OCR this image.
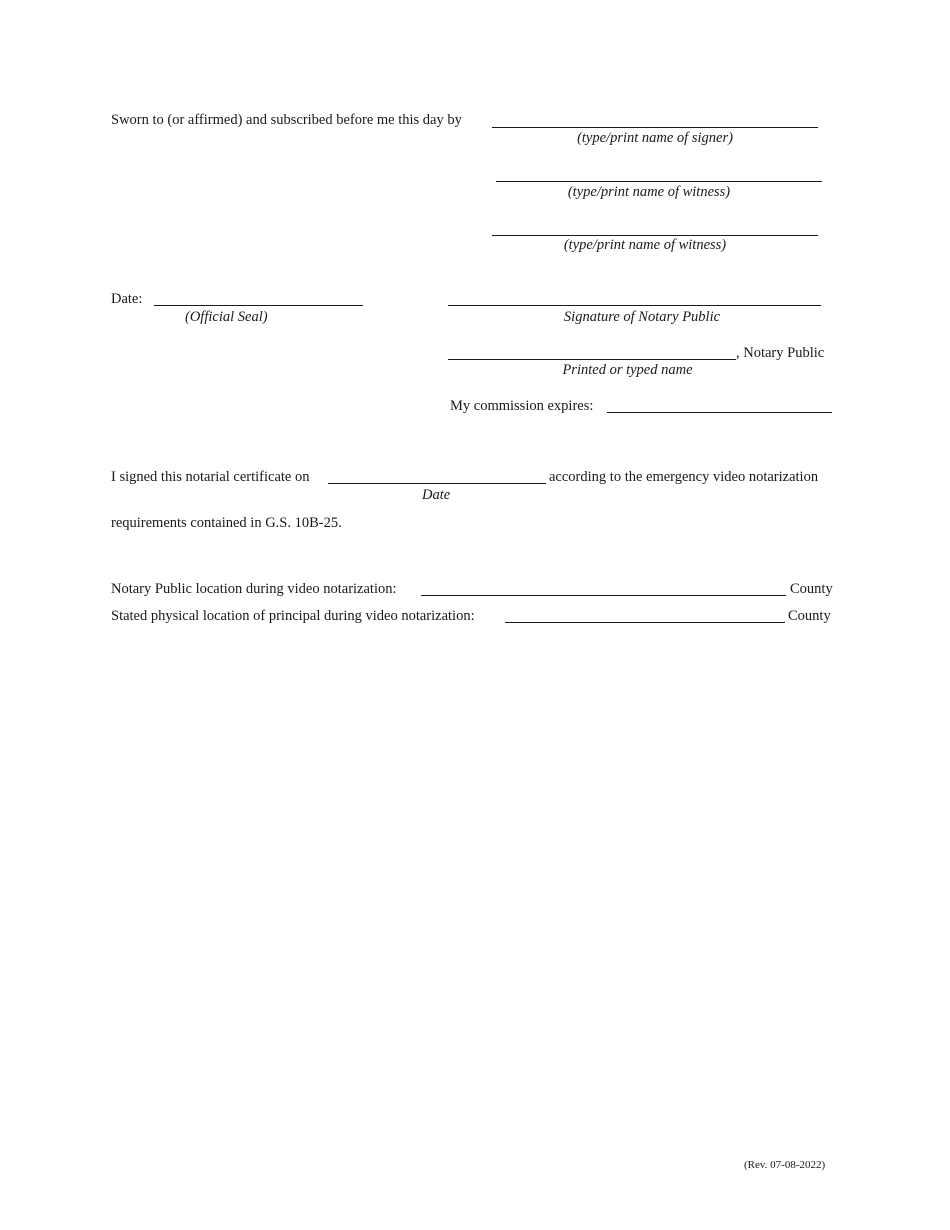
Sworn to (or affirmed) and subscribed before me this day by
(type/print name of signer)
(type/print name of witness)
(type/print name of witness)
Date:
(Official Seal)	Signature of Notary Public
, Notary Public
Printed or typed name
My commission expires:
I signed this notarial certificate on	according to the emergency video notarization
Date
requirements contained in G.S. 10B-25.
Notary Public location during video notarization:	County
Stated physical location of principal during video notarization:	County
(Rev. 07-08-2022)
